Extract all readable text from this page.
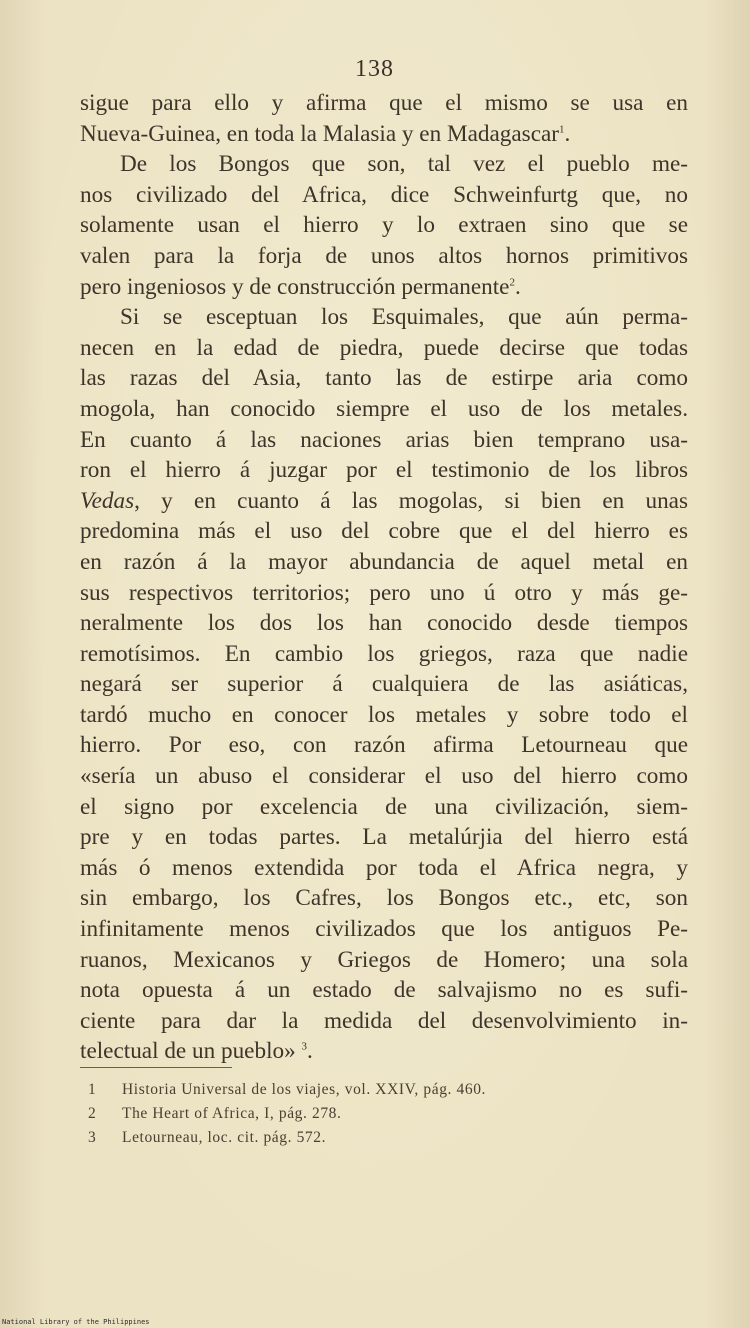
138
sigue para ello y afirma que el mismo se usa en
Nueva-Guinea, en toda la Malasia y en Madagascar$^1$.
De los Bongos que son, tal vez el pueblo me-
nos civilizado del Africa, dice Schweinfurtg que, no
solamente usan el hierro y lo extraen sino que se
valen para la forja de unos altos hornos primitivos
pero ingeniosos y de construcción permanente$^2$.
Si se esceptuan los Esquimales, que aún perma-
necen en la edad de piedra, puede decirse que todas
las razas del Asia, tanto las de estirpe aria como
mogola, han conocido siempre el uso de los metales.
En cuanto á las naciones arias bien temprano usa-
ron el hierro á juzgar por el testimonio de los libros
Vedas, y en cuanto á las mogolas, si bien en unas
predomina más el uso del cobre que el del hierro es
en razón á la mayor abundancia de aquel metal en
sus respectivos territorios; pero uno ú otro y más ge-
neralmente los dos los han conocido desde tiempos
remotísimos. En cambio los griegos, raza que nadie
negará ser superior á cualquiera de las asiáticas,
tardó mucho en conocer los metales y sobre todo el
hierro. Por eso, con razón afirma Letourneau que
«sería un abuso el considerar el uso del hierro como
el signo por excelencia de una civilización, siem-
pre y en todas partes. La metalúrjia del hierro está
más ó menos extendida por toda el Africa negra, y
sin embargo, los Cafres, los Bongos etc., etc, son
infinitamente menos civilizados que los antiguos Pe-
ruanos, Mexicanos y Griegos de Homero; una sola
nota opuesta á un estado de salvajismo no es sufi-
ciente para dar la medida del desenvolvimiento in-
telectual de un pueblo» $^3$.
1 Historia Universal de los viajes, vol. XXIV, pág. 460.
2 The Heart of Africa, I, pág. 278.
3 Letourneau, loc. cit. pág. 572.
National Library of the Philippines
